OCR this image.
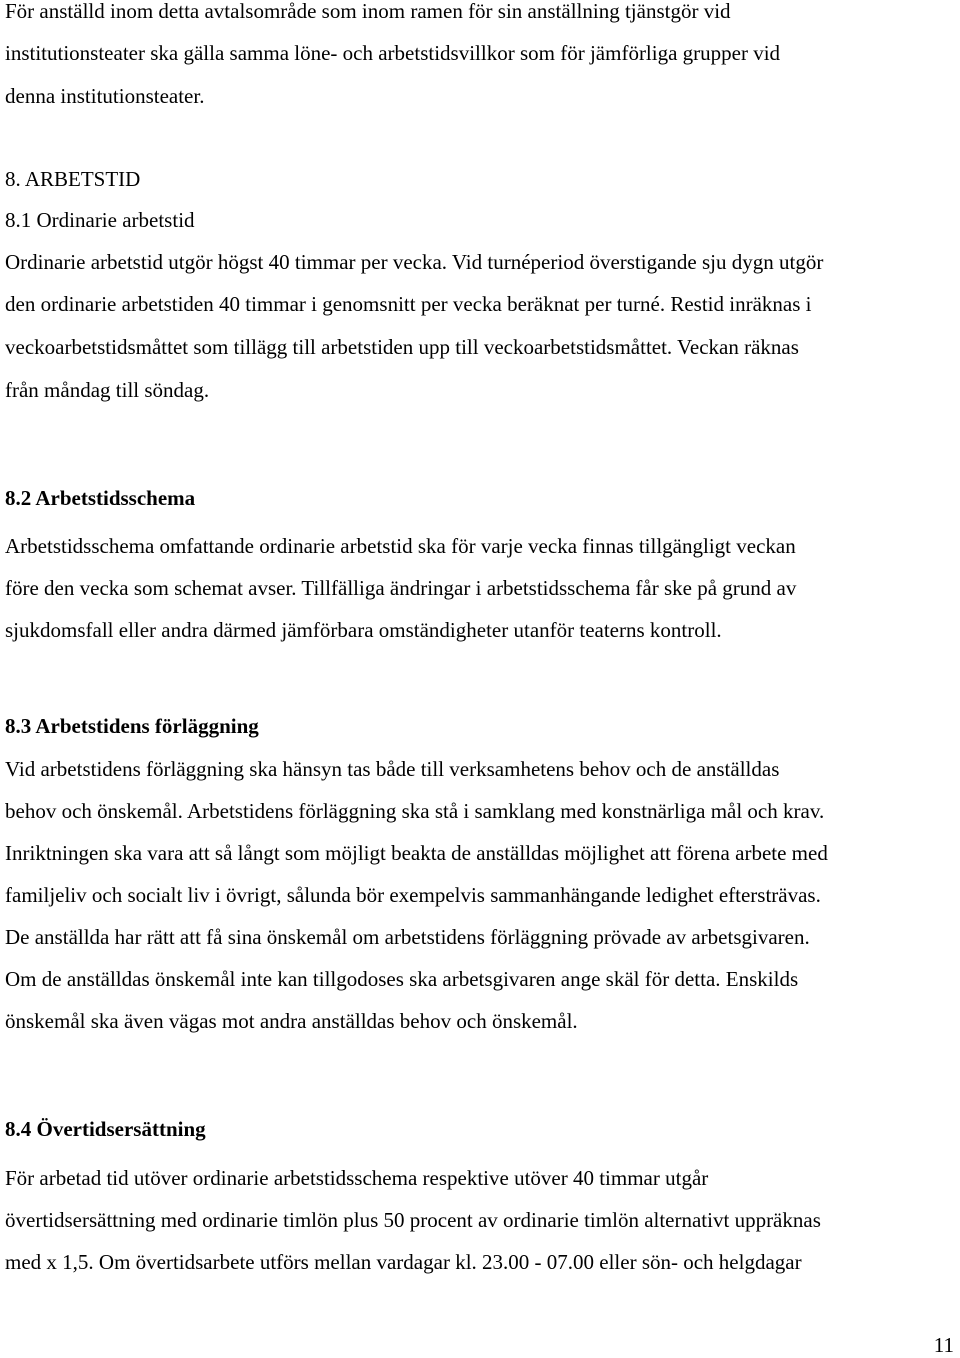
För anställd inom detta avtalsområde som inom ramen för sin anställning tjänstgör vid
institutionsteater ska gälla samma löne- och arbetstidsvillkor som för jämförliga grupper vid
denna institutionsteater.
8. ARBETSTID
8.1 Ordinarie arbetstid
Ordinarie arbetstid utgör högst 40 timmar per vecka. Vid turnéperiod överstigande sju dygn utgör
den ordinarie arbetstiden 40 timmar i genomsnitt per vecka beräknat per turné. Restid inräknas i
veckoarbetstidsmåttet som tillägg till arbetstiden upp till veckoarbetstidsmåttet. Veckan räknas
från måndag till söndag.
8.2 Arbetstidsschema
Arbetstidsschema omfattande ordinarie arbetstid ska för varje vecka finnas tillgängligt veckan
före den vecka som schemat avser. Tillfälliga ändringar i arbetstidsschema får ske på grund av
sjukdomsfall eller andra därmed jämförbara omständigheter utanför teaterns kontroll.
8.3 Arbetstidens förläggning
Vid arbetstidens förläggning ska hänsyn tas både till verksamhetens behov och de anställdas
behov och önskemål. Arbetstidens förläggning ska stå i samklang med konstnärliga mål och krav.
Inriktningen ska vara att så långt som möjligt beakta de anställdas möjlighet att förena arbete med
familjeliv och socialt liv i övrigt, sålunda bör exempelvis sammanhängande ledighet eftersträvas.
De anställda har rätt att få sina önskemål om arbetstidens förläggning prövade av arbetsgivaren.
Om de anställdas önskemål inte kan tillgodoses ska arbetsgivaren ange skäl för detta. Enskilds
önskemål ska även vägas mot andra anställdas behov och önskemål.
8.4 Övertidsersättning
För arbetad tid utöver ordinarie arbetstidsschema respektive utöver 40 timmar utgår
övertidsersättning med ordinarie timlön plus 50 procent av ordinarie timlön alternativt uppräknas
med x 1,5. Om övertidsarbete utförs mellan vardagar kl. 23.00 - 07.00 eller sön- och helgdagar
11
